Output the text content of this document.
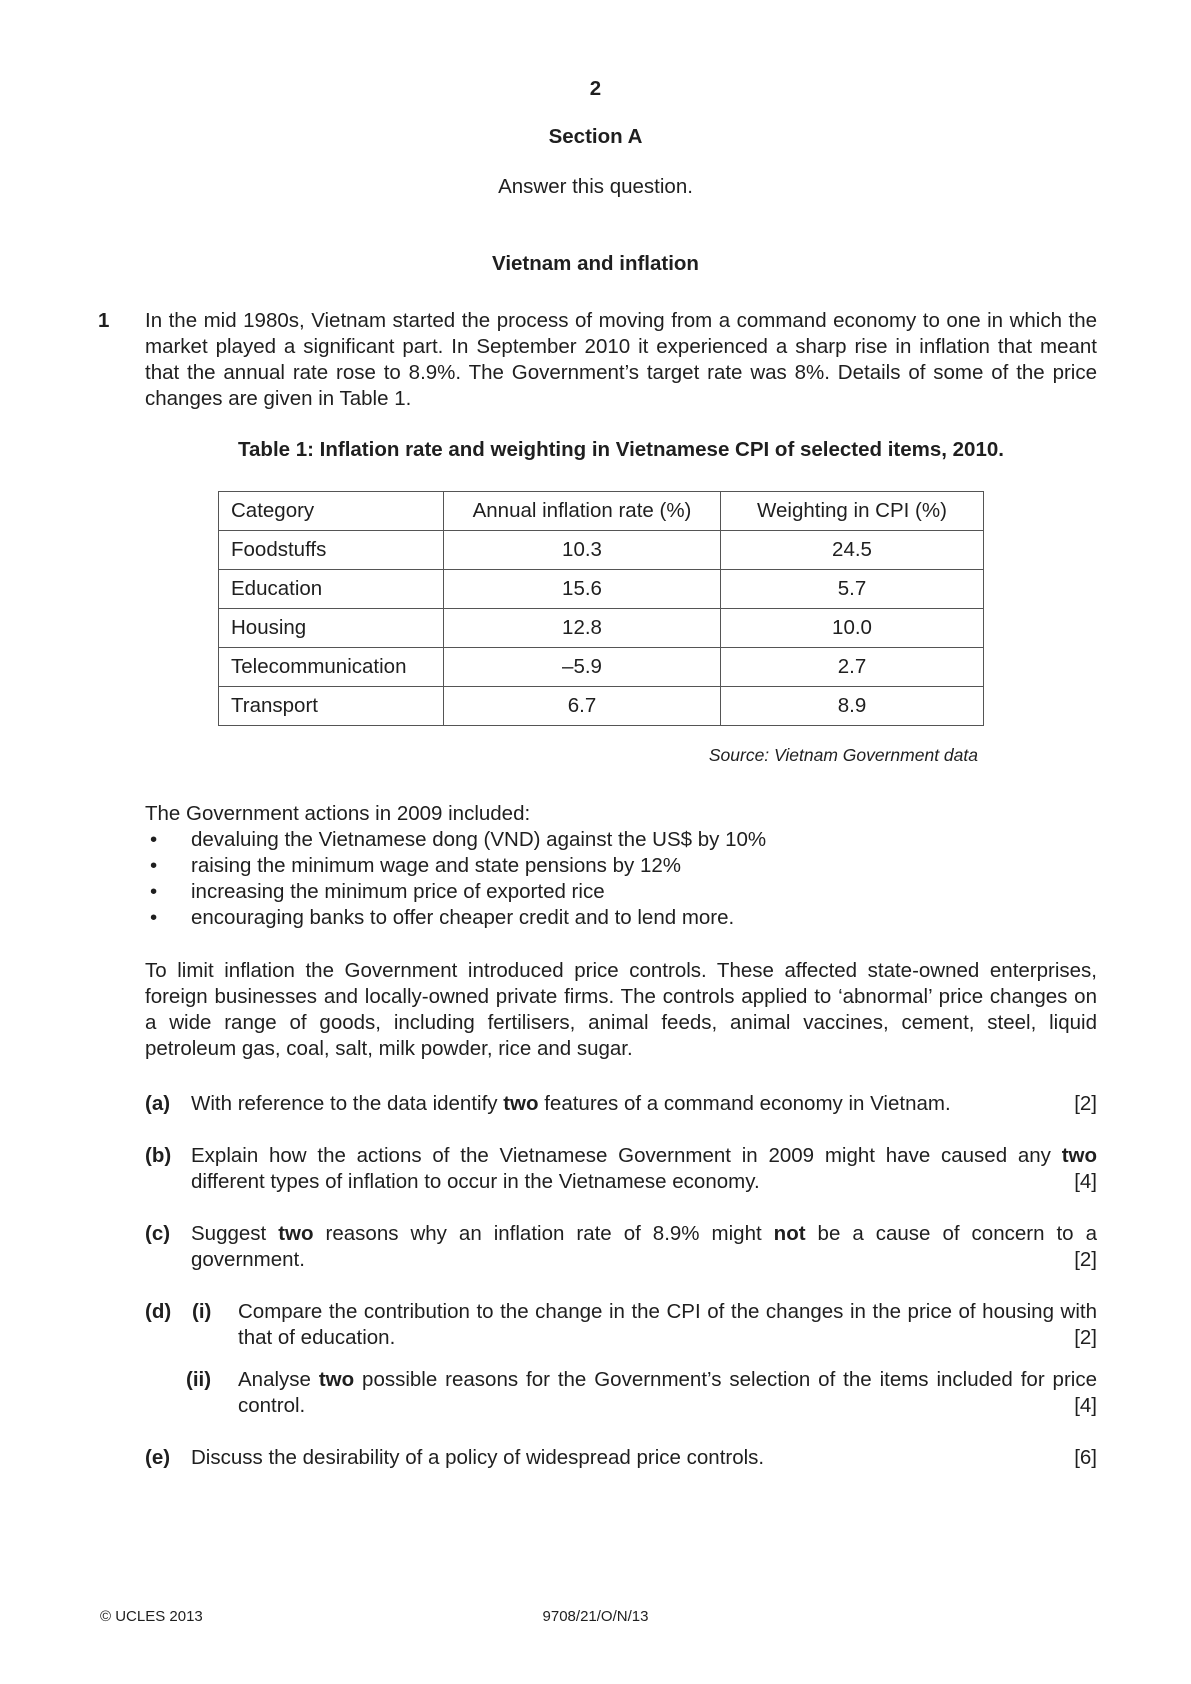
2
Section A
Answer this question.
Vietnam and inflation
1 In the mid 1980s, Vietnam started the process of moving from a command economy to one in which the market played a significant part. In September 2010 it experienced a sharp rise in inflation that meant that the annual rate rose to 8.9%. The Government’s target rate was 8%. Details of some of the price changes are given in Table 1.
Table 1: Inflation rate and weighting in Vietnamese CPI of selected items, 2010.
Category	Annual inflation rate (%)	Weighting in CPI (%)
Foodstuffs	10.3	24.5
Education	15.6	5.7
Housing	12.8	10.0
Telecommunication	–5.9	2.7
Transport	6.7	8.9
Source: Vietnam Government data
The Government actions in 2009 included:
• devaluing the Vietnamese dong (VND) against the US$ by 10%
• raising the minimum wage and state pensions by 12%
• increasing the minimum price of exported rice
• encouraging banks to offer cheaper credit and to lend more.
To limit inflation the Government introduced price controls. These affected state-owned enterprises, foreign businesses and locally-owned private firms. The controls applied to ‘abnormal’ price changes on a wide range of goods, including fertilisers, animal feeds, animal vaccines, cement, steel, liquid petroleum gas, coal, salt, milk powder, rice and sugar.
(a) With reference to the data identify two features of a command economy in Vietnam.	[2]
(b) Explain how the actions of the Vietnamese Government in 2009 might have caused any two different types of inflation to occur in the Vietnamese economy.	[4]
(c) Suggest two reasons why an inflation rate of 8.9% might not be a cause of concern to a government.	[2]
(d) (i) Compare the contribution to the change in the CPI of the changes in the price of housing with that of education.	[2]
(ii) Analyse two possible reasons for the Government’s selection of the items included for price control.	[4]
(e) Discuss the desirability of a policy of widespread price controls.	[6]
© UCLES 2013	9708/21/O/N/13
